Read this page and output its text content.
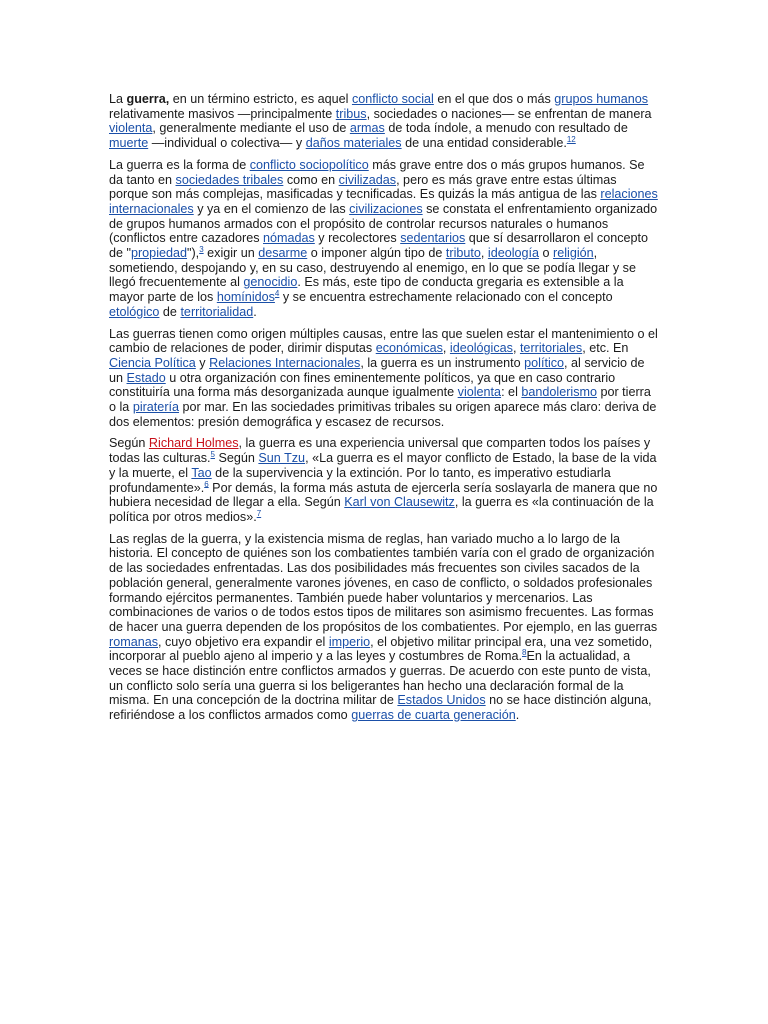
La guerra, en un término estricto, es aquel conflicto social en el que dos o más grupos humanos relativamente masivos —principalmente tribus, sociedades o naciones— se enfrentan de manera violenta, generalmente mediante el uso de armas de toda índole, a menudo con resultado de muerte —individual o colectiva— y daños materiales de una entidad considerable.$^{12}$

La guerra es la forma de conflicto sociopolítico más grave entre dos o más grupos humanos. Se da tanto en sociedades tribales como en civilizadas, pero es más grave entre estas últimas porque son más complejas, masificadas y tecnificadas. Es quizás la más antigua de las relaciones internacionales y ya en el comienzo de las civilizaciones se constata el enfrentamiento organizado de grupos humanos armados con el propósito de controlar recursos naturales o humanos (conflictos entre cazadores nómadas y recolectores sedentarios que sí desarrollaron el concepto de "propiedad"),$^3$ exigir un desarme o imponer algún tipo de tributo, ideología o religión, sometiendo, despojando y, en su caso, destruyendo al enemigo, en lo que se podía llegar y se llegó frecuentemente al genocidio. Es más, este tipo de conducta gregaria es extensible a la mayor parte de los homínidos$^4$ y se encuentra estrechamente relacionado con el concepto etológico de territorialidad.

Las guerras tienen como origen múltiples causas, entre las que suelen estar el mantenimiento o el cambio de relaciones de poder, dirimir disputas económicas, ideológicas, territoriales, etc. En Ciencia Política y Relaciones Internacionales, la guerra es un instrumento político, al servicio de un Estado u otra organización con fines eminentemente políticos, ya que en caso contrario constituiría una forma más desorganizada aunque igualmente violenta: el bandolerismo por tierra o la piratería por mar. En las sociedades primitivas tribales su origen aparece más claro: deriva de dos elementos: presión demográfica y escasez de recursos.

Según Richard Holmes, la guerra es una experiencia universal que comparten todos los países y todas las culturas.$^5$ Según Sun Tzu, «La guerra es el mayor conflicto de Estado, la base de la vida y la muerte, el Tao de la supervivencia y la extinción. Por lo tanto, es imperativo estudiarla profundamente».$^6$ Por demás, la forma más astuta de ejercerla sería soslayarla de manera que no hubiera necesidad de llegar a ella. Según Karl von Clausewitz, la guerra es «la continuación de la política por otros medios».$^7$

Las reglas de la guerra, y la existencia misma de reglas, han variado mucho a lo largo de la historia. El concepto de quiénes son los combatientes también varía con el grado de organización de las sociedades enfrentadas. Las dos posibilidades más frecuentes son civiles sacados de la población general, generalmente varones jóvenes, en caso de conflicto, o soldados profesionales formando ejércitos permanentes. También puede haber voluntarios y mercenarios. Las combinaciones de varios o de todos estos tipos de militares son asimismo frecuentes. Las formas de hacer una guerra dependen de los propósitos de los combatientes. Por ejemplo, en las guerras romanas, cuyo objetivo era expandir el imperio, el objetivo militar principal era, una vez sometido, incorporar al pueblo ajeno al imperio y a las leyes y costumbres de Roma.$^8$En la actualidad, a veces se hace distinción entre conflictos armados y guerras. De acuerdo con este punto de vista, un conflicto solo sería una guerra si los beligerantes han hecho una declaración formal de la misma. En una concepción de la doctrina militar de Estados Unidos no se hace distinción alguna, refiriéndose a los conflictos armados como guerras de cuarta generación.
